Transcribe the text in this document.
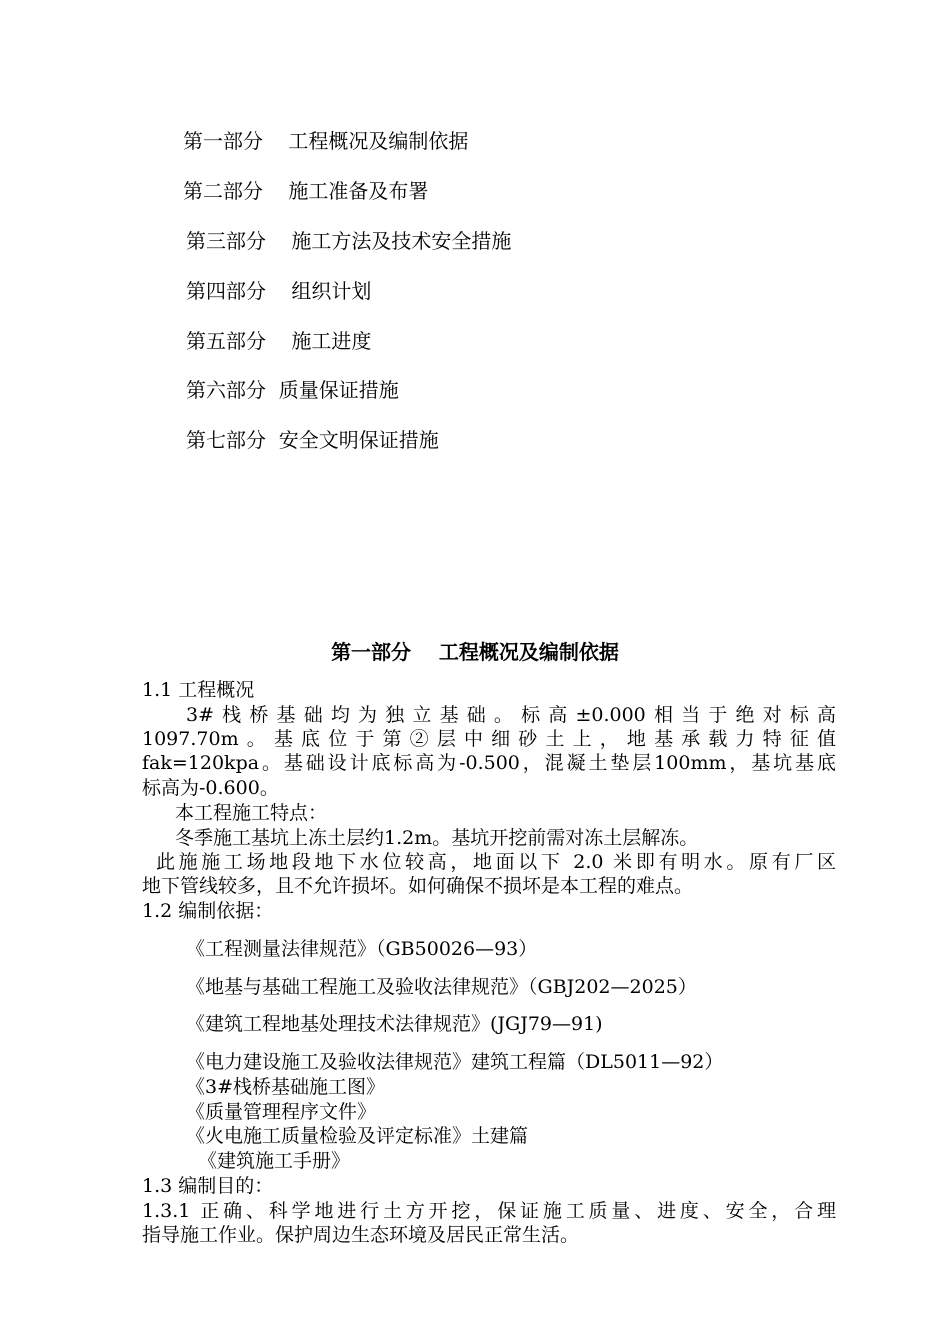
第一部分    工程概况及编制依据
第二部分    施工准备及布署
第三部分    施工方法及技术安全措施
第四部分    组织计划
第五部分    施工进度
第六部分  质量保证措施
第七部分  安全文明保证措施
第一部分    工程概况及编制依据
1.1 工程概况
3#栈桥基础均为独立基础。标高±0.000相当于绝对标高
1097.70m。基底位于第②层中细砂土上，地基承载力特征值
fak=120kpa。基础设计底标高为-0.500，混凝土垫层100mm，基坑基底
标高为-0.600。
本工程施工特点：
冬季施工基坑上冻土层约1.2m。基坑开挖前需对冻土层解冻。
此施施工场地段地下水位较高，地面以下 2.0 米即有明水。原有厂区
地下管线较多，且不允许损坏。如何确保不损坏是本工程的难点。
1.2 编制依据：
《工程测量法律规范》（GB50026—93）
《地基与基础工程施工及验收法律规范》（GBJ202—2025）
《建筑工程地基处理技术法律规范》(JGJ79—91)
《电力建设施工及验收法律规范》建筑工程篇（DL5011—92）
《3#栈桥基础施工图》
《质量管理程序文件》
《火电施工质量检验及评定标准》土建篇
《建筑施工手册》
1.3 编制目的：
1.3.1 正确、科学地进行土方开挖，保证施工质量、进度、安全，合理
指导施工作业。保护周边生态环境及居民正常生活。
